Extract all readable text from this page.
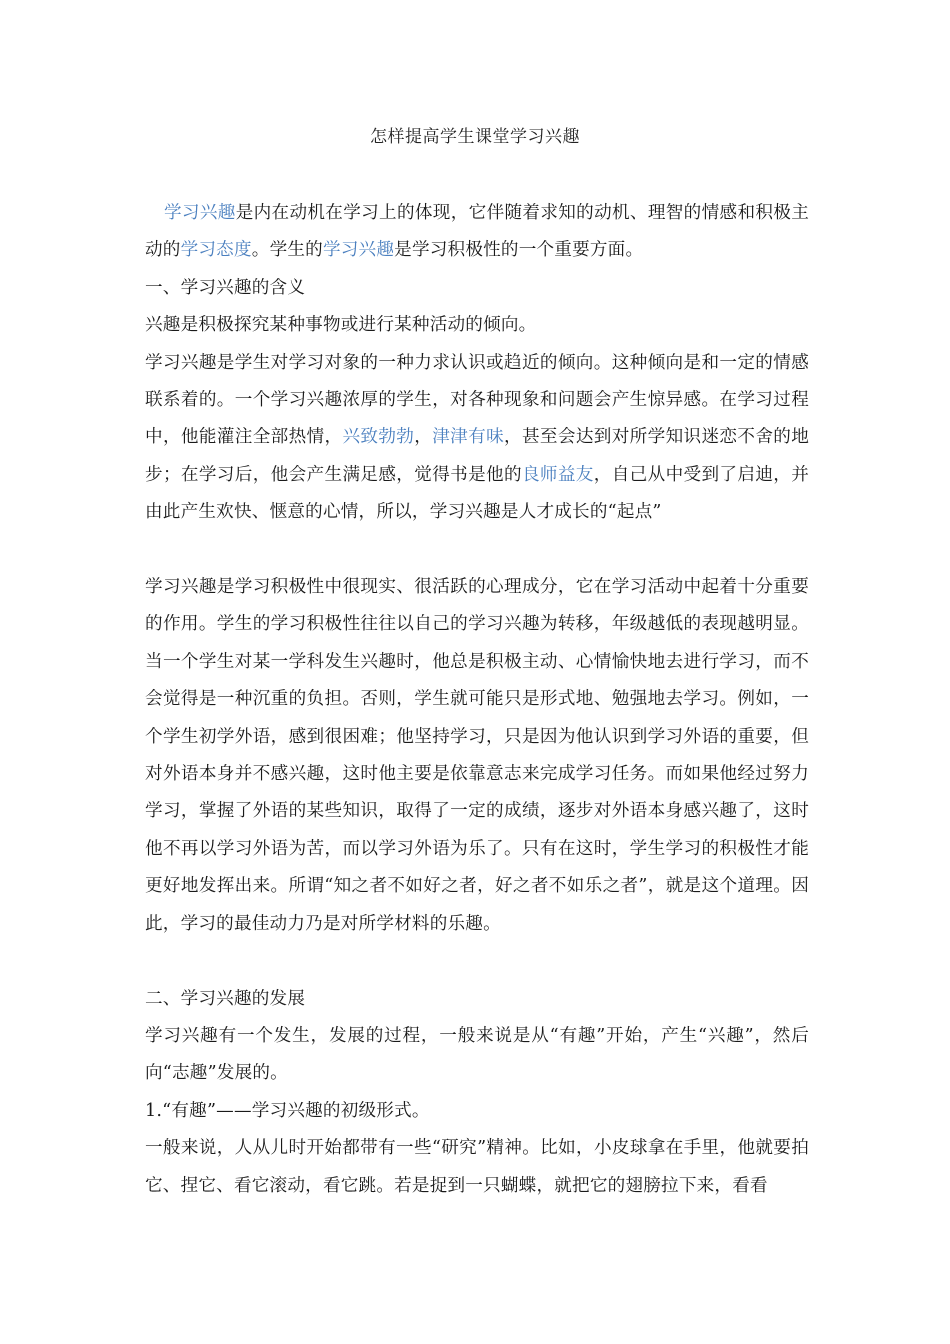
怎样提高学生课堂学习兴趣

学习兴趣是内在动机在学习上的体现，它伴随着求知的动机、理智的情感和积极主动的学习态度。学生的学习兴趣是学习积极性的一个重要方面。

一、学习兴趣的含义

兴趣是积极探究某种事物或进行某种活动的倾向。

学习兴趣是学生对学习对象的一种力求认识或趋近的倾向。这种倾向是和一定的情感联系着的。一个学习兴趣浓厚的学生，对各种现象和问题会产生惊异感。在学习过程中，他能灌注全部热情，兴致勃勃，津津有味，甚至会达到对所学知识迷恋不舍的地步；在学习后，他会产生满足感，觉得书是他的良师益友，自己从中受到了启迪，并由此产生欢快、惬意的心情，所以，学习兴趣是人才成长的“起点”

学习兴趣是学习积极性中很现实、很活跃的心理成分，它在学习活动中起着十分重要的作用。学生的学习积极性往往以自己的学习兴趣为转移，年级越低的表现越明显。当一个学生对某一学科发生兴趣时，他总是积极主动、心情愉快地去进行学习，而不会觉得是一种沉重的负担。否则，学生就可能只是形式地、勉强地去学习。例如，一个学生初学外语，感到很困难；他坚持学习，只是因为他认识到学习外语的重要，但对外语本身并不感兴趣，这时他主要是依靠意志来完成学习任务。而如果他经过努力学习，掌握了外语的某些知识，取得了一定的成绩，逐步对外语本身感兴趣了，这时他不再以学习外语为苦，而以学习外语为乐了。只有在这时，学生学习的积极性才能更好地发挥出来。所谓“知之者不如好之者，好之者不如乐之者”，就是这个道理。因此，学习的最佳动力乃是对所学材料的乐趣。

二、学习兴趣的发展

学习兴趣有一个发生，发展的过程，一般来说是从“有趣”开始，产生“兴趣”，然后向“志趣”发展的。

1.“有趣”——学习兴趣的初级形式。

一般来说，人从儿时开始都带有一些“研究”精神。比如，小皮球拿在手里，他就要拍它、捏它、看它滚动，看它跳。若是捉到一只蝴蝶，就把它的翅膀拉下来，看看
